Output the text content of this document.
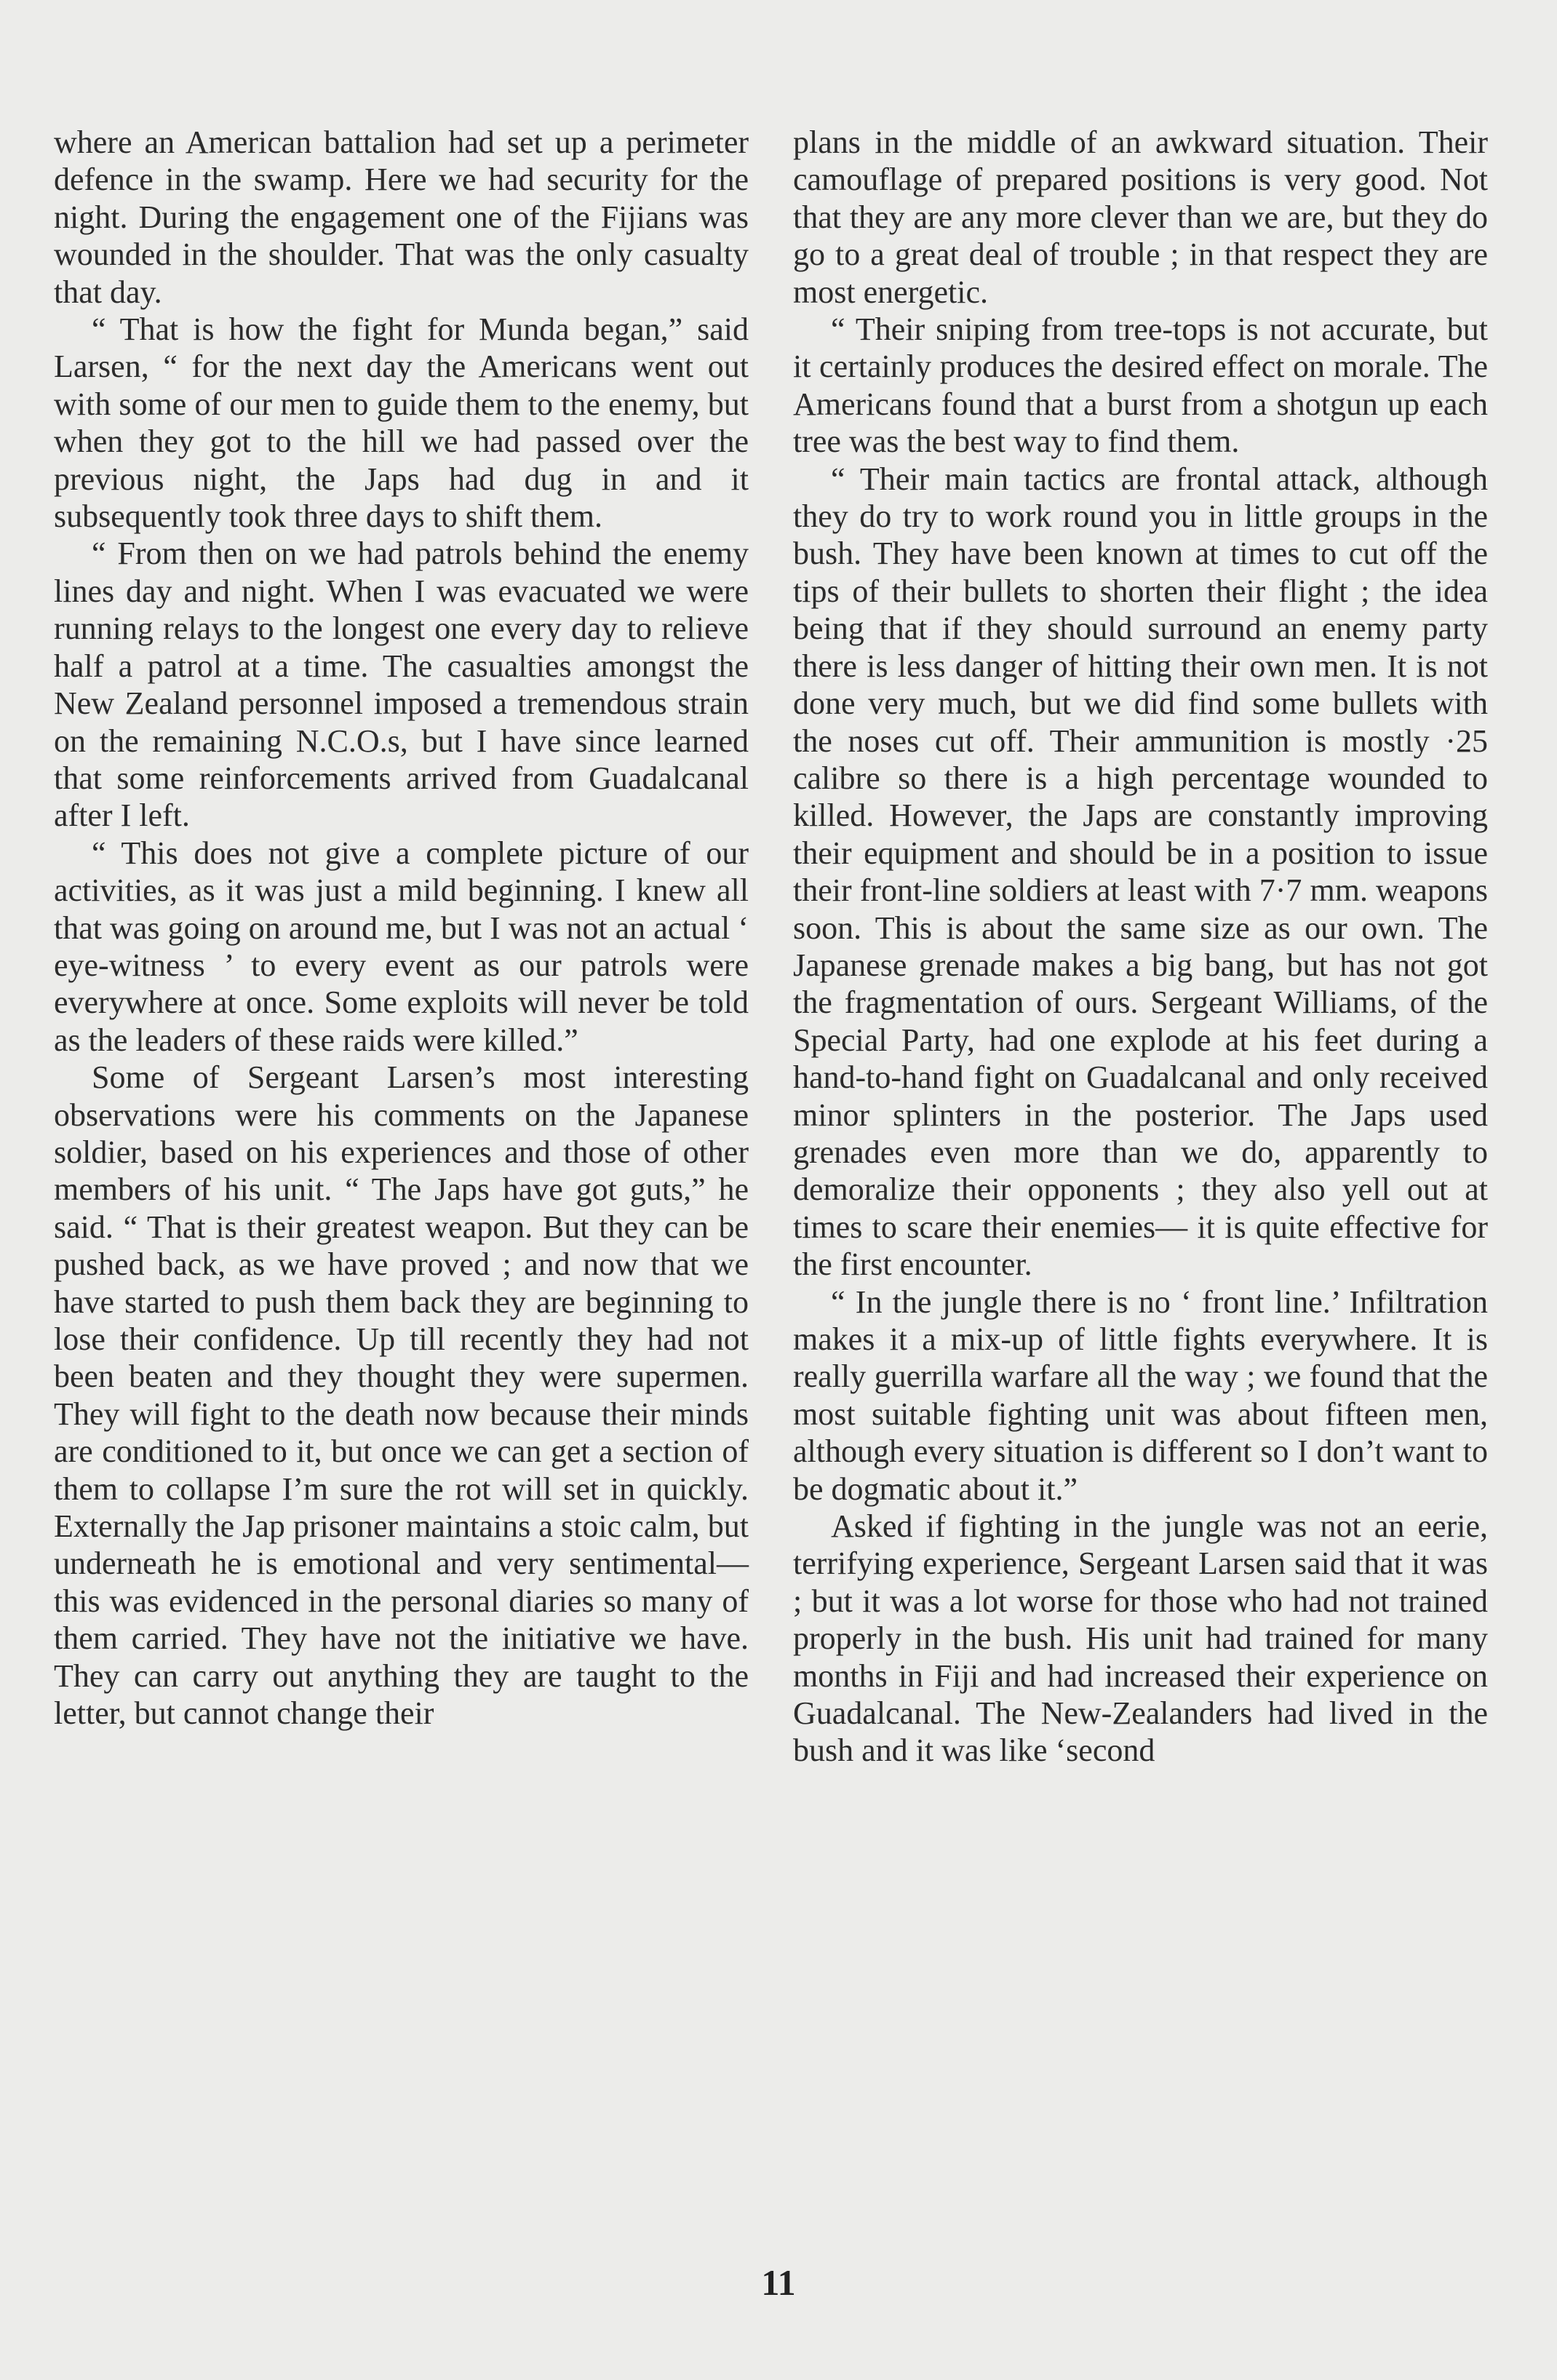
where an American battalion had set up a perimeter defence in the swamp. Here we had security for the night. During the engagement one of the Fijians was wounded in the shoulder. That was the only casualty that day.

“ That is how the fight for Munda began,” said Larsen, “ for the next day the Americans went out with some of our men to guide them to the enemy, but when they got to the hill we had passed over the previous night, the Japs had dug in and it subsequently took three days to shift them.

“ From then on we had patrols behind the enemy lines day and night. When I was evacuated we were running relays to the longest one every day to relieve half a patrol at a time. The casualties amongst the New Zealand personnel imposed a tremendous strain on the remaining N.C.O.s, but I have since learned that some reinforcements arrived from Guadalcanal after I left.

“ This does not give a complete picture of our activities, as it was just a mild beginning. I knew all that was going on around me, but I was not an actual ‘ eye-witness ’ to every event as our patrols were everywhere at once. Some exploits will never be told as the leaders of these raids were killed.”

Some of Sergeant Larsen’s most interesting observations were his comments on the Japanese soldier, based on his experiences and those of other members of his unit. “ The Japs have got guts,” he said. “ That is their greatest weapon. But they can be pushed back, as we have proved ; and now that we have started to push them back they are beginning to lose their confidence. Up till recently they had not been beaten and they thought they were supermen. They will fight to the death now because their minds are conditioned to it, but once we can get a section of them to collapse I’m sure the rot will set in quickly. Externally the Jap prisoner maintains a stoic calm, but underneath he is emotional and very sentimental— this was evidenced in the personal diaries so many of them carried. They have not the initiative we have. They can carry out anything they are taught to the letter, but cannot change their

plans in the middle of an awkward situation. Their camouflage of prepared positions is very good. Not that they are any more clever than we are, but they do go to a great deal of trouble ; in that respect they are most energetic.

“ Their sniping from tree-tops is not accurate, but it certainly produces the desired effect on morale. The Americans found that a burst from a shotgun up each tree was the best way to find them.

“ Their main tactics are frontal attack, although they do try to work round you in little groups in the bush. They have been known at times to cut off the tips of their bullets to shorten their flight ; the idea being that if they should surround an enemy party there is less danger of hitting their own men. It is not done very much, but we did find some bullets with the noses cut off. Their ammunition is mostly ·25 calibre so there is a high percentage wounded to killed. However, the Japs are constantly improving their equipment and should be in a position to issue their front-line soldiers at least with 7·7 mm. weapons soon. This is about the same size as our own. The Japanese grenade makes a big bang, but has not got the fragmentation of ours. Sergeant Williams, of the Special Party, had one explode at his feet during a hand-to-hand fight on Guadalcanal and only received minor splinters in the posterior. The Japs used grenades even more than we do, apparently to demoralize their opponents ; they also yell out at times to scare their enemies— it is quite effective for the first encounter.

“ In the jungle there is no ‘ front line.’ Infiltration makes it a mix-up of little fights everywhere. It is really guerrilla warfare all the way ; we found that the most suitable fighting unit was about fifteen men, although every situation is different so I don’t want to be dogmatic about it.”

Asked if fighting in the jungle was not an eerie, terrifying experience, Sergeant Larsen said that it was ; but it was a lot worse for those who had not trained properly in the bush. His unit had trained for many months in Fiji and had increased their experience on Guadalcanal. The New-Zealanders had lived in the bush and it was like ‘second

11
